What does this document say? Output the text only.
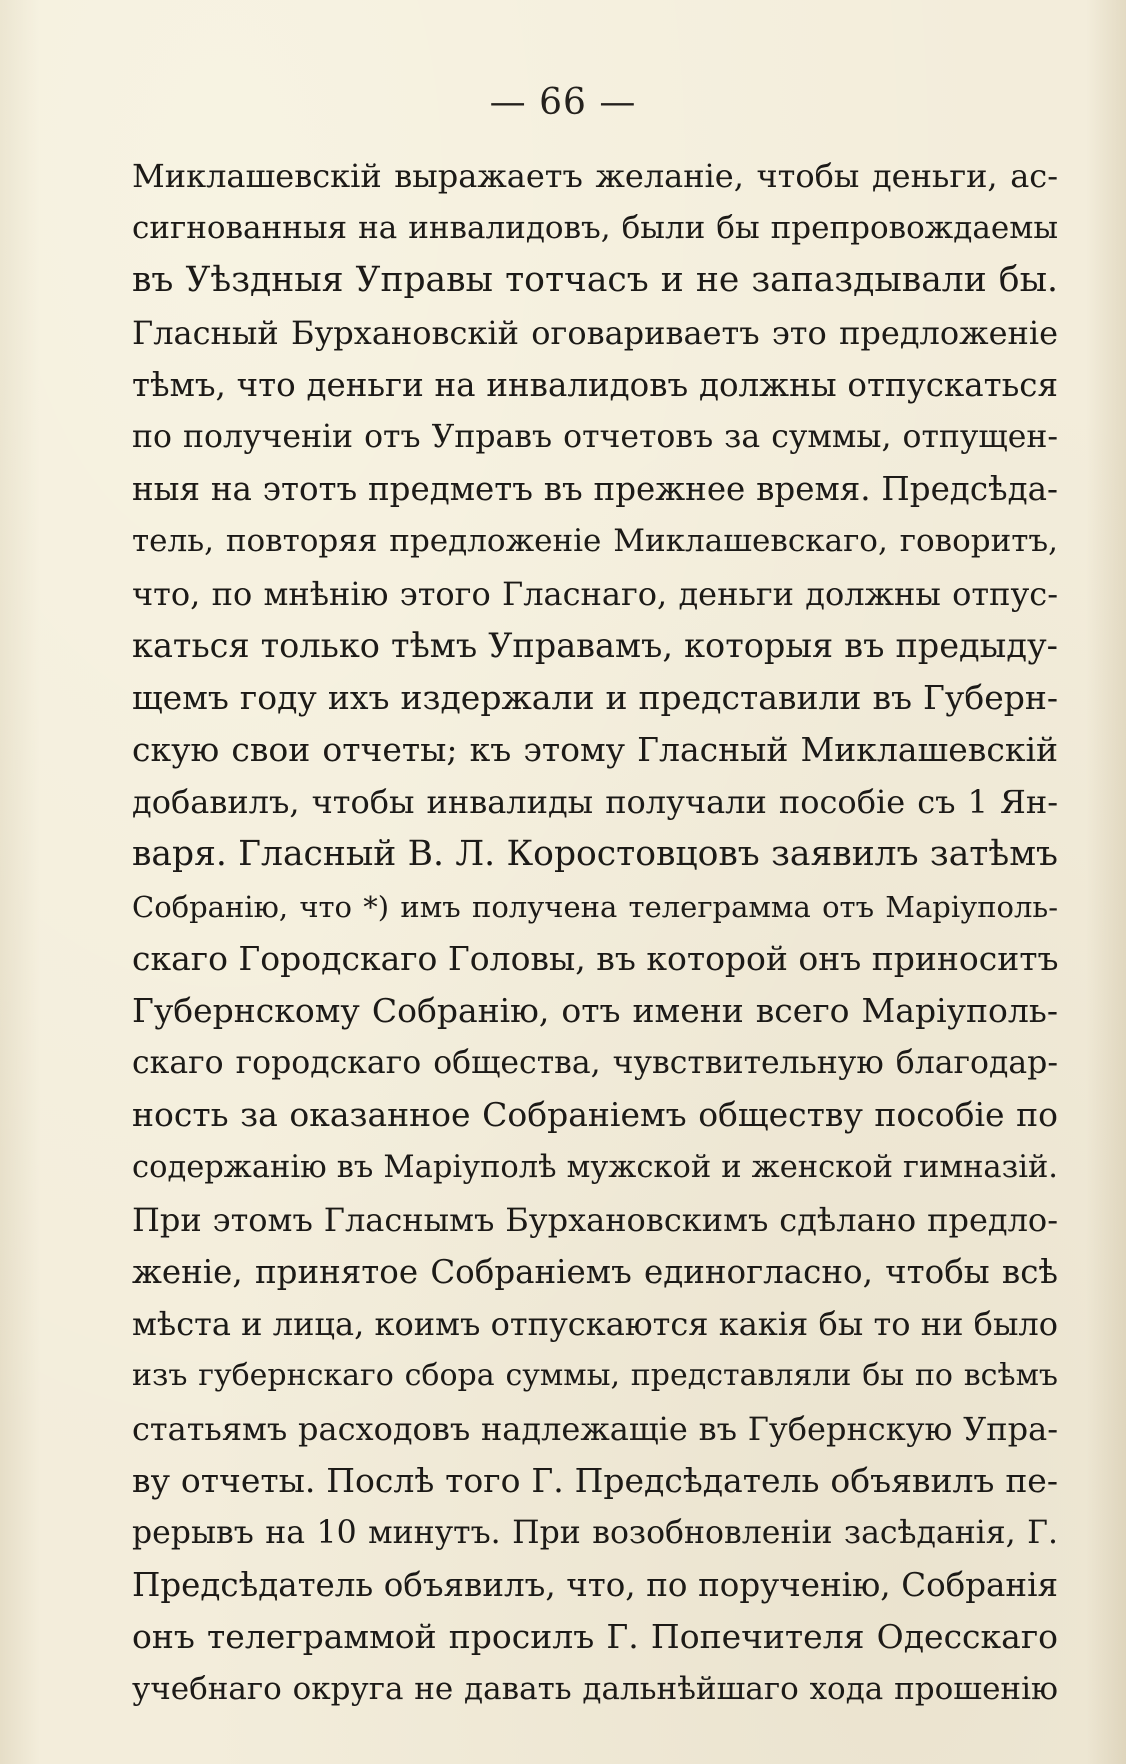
— 66 —
Миклашевскій выражаетъ желаніе, чтобы деньги, ас-
сигнованныя на инвалидовъ, были бы препровождаемы
въ Уѣздныя Управы тотчасъ и не запаздывали бы.
Гласный Бурхановскій оговариваетъ это предложеніе
тѣмъ, что деньги на инвалидовъ должны отпускаться
по полученіи отъ Управъ отчетовъ за суммы, отпущен-
ныя на этотъ предметъ въ прежнее время. Предсѣда-
тель, повторяя предложеніе Миклашевскаго, говоритъ,
что, по мнѣнію этого Гласнаго, деньги должны отпус-
каться только тѣмъ Управамъ, которыя въ предыду-
щемъ году ихъ издержали и представили въ Губерн-
скую свои отчеты; къ этому Гласный Миклашевскій
добавилъ, чтобы инвалиды получали пособіе съ 1 Ян-
варя. Гласный В. Л. Коростовцовъ заявилъ затѣмъ
Собранію, что *) имъ получена телеграмма отъ Маріуполь-
скаго Городскаго Головы, въ которой онъ приноситъ
Губернскому Собранію, отъ имени всего Маріуполь-
скаго городскаго общества, чувствительную благодар-
ность за оказанное Собраніемъ обществу пособіе по
содержанію въ Маріуполѣ мужской и женской гимназій.
При этомъ Гласнымъ Бурхановскимъ сдѣлано предло-
женіе, принятое Собраніемъ единогласно, чтобы всѣ
мѣста и лица, коимъ отпускаются какія бы то ни было
изъ губернскаго сбора суммы, представляли бы по всѣмъ
статьямъ расходовъ надлежащіе въ Губернскую Упра-
ву отчеты. Послѣ того Г. Предсѣдатель объявилъ пе-
рерывъ на 10 минутъ. При возобновленіи засѣданія, Г.
Предсѣдатель объявилъ, что, по порученію, Собранія
онъ телеграммой просилъ Г. Попечителя Одесскаго
учебнаго округа не давать дальнѣйшаго хода прошенію
